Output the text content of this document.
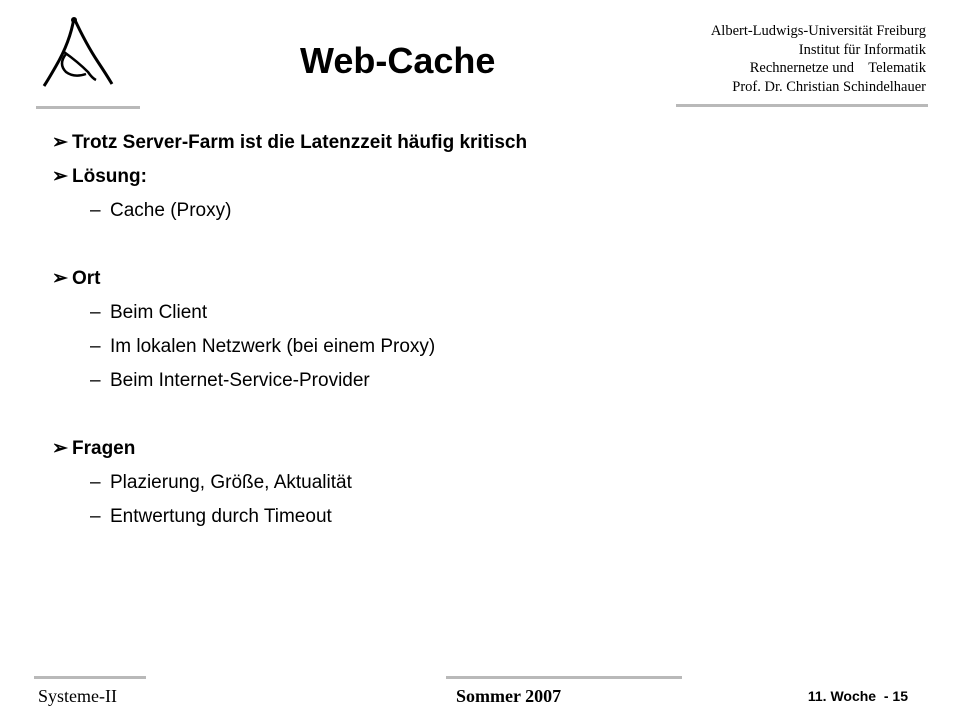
Web-Cache
Albert-Ludwigs-Universität Freiburg
Institut für Informatik
Rechnernetze und    Telematik
Prof. Dr. Christian Schindelhauer
➢ Trotz Server-Farm ist die Latenzzeit häufig kritisch
➢ Lösung:
– Cache (Proxy)
➢ Ort
– Beim Client
– Im lokalen Netzwerk (bei einem Proxy)
– Beim Internet-Service-Provider
➢ Fragen
– Plazierung, Größe, Aktualität
– Entwertung durch Timeout
Systeme-II	Sommer 2007	11. Woche  - 15
